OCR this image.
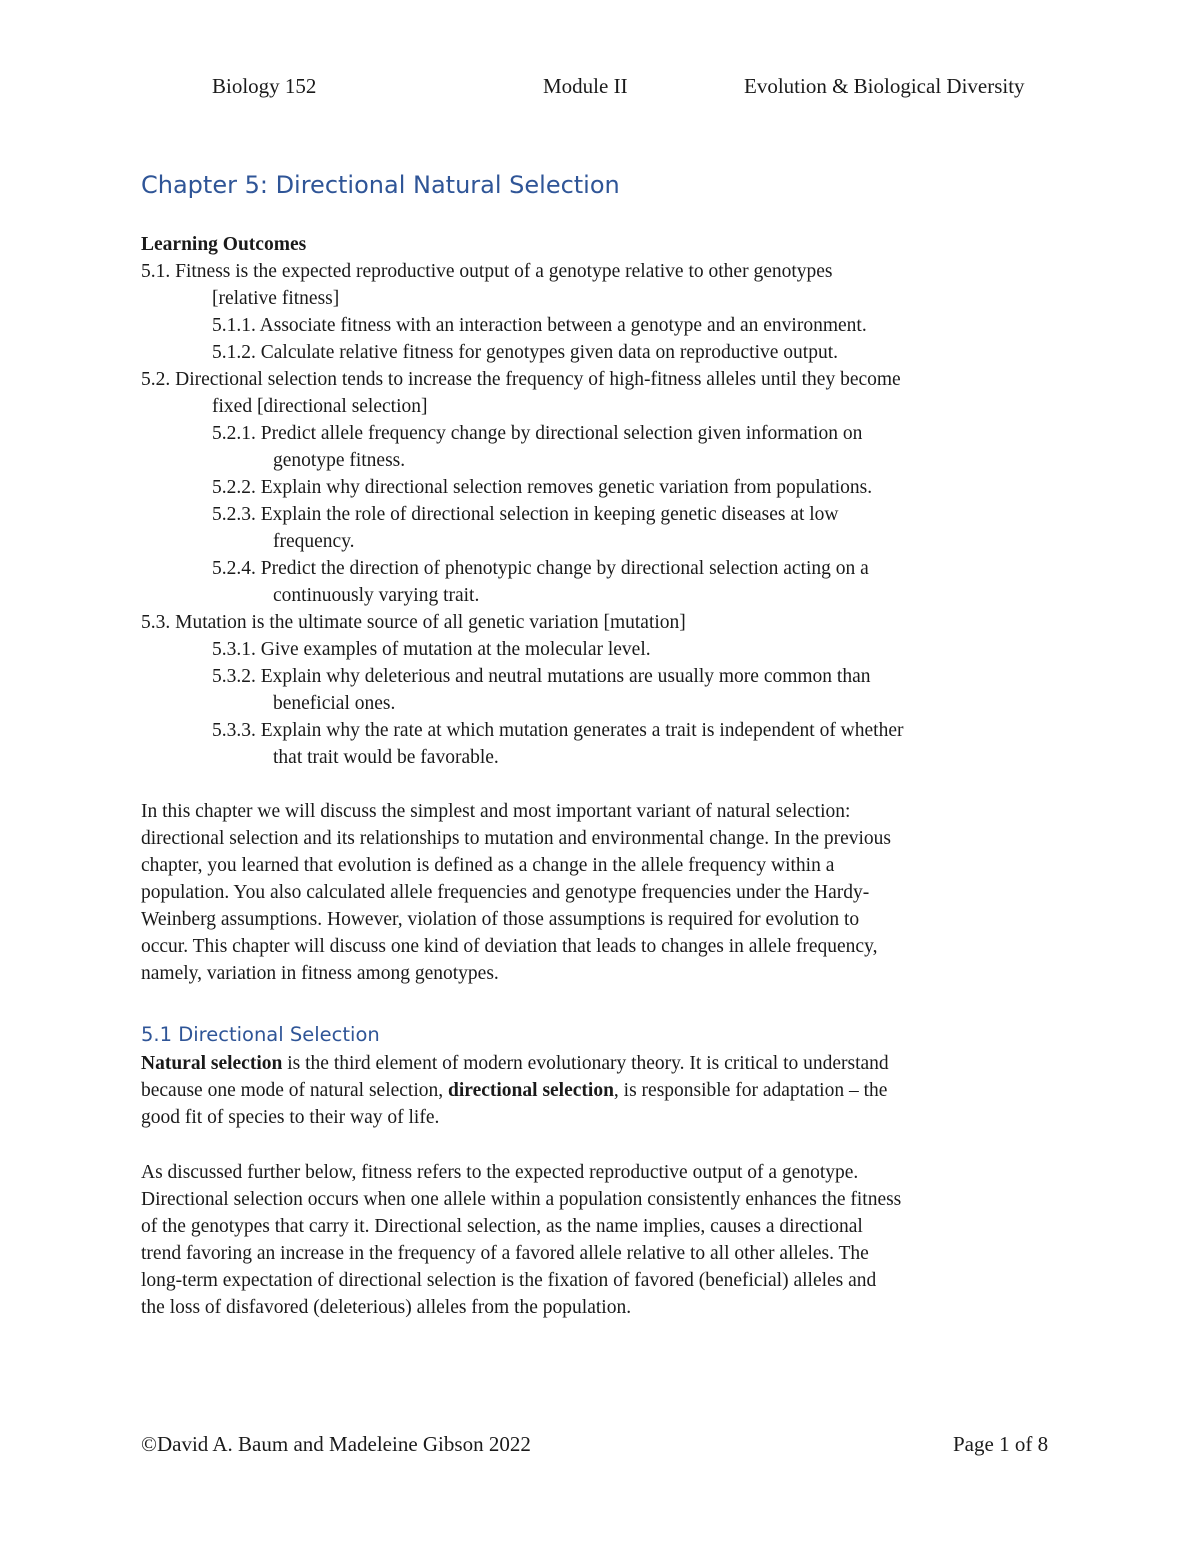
Biology 152	Module II	Evolution & Biological Diversity
Chapter 5: Directional Natural Selection
Learning Outcomes
5.1. Fitness is the expected reproductive output of a genotype relative to other genotypes
[relative fitness]
5.1.1. Associate fitness with an interaction between a genotype and an environment.
5.1.2. Calculate relative fitness for genotypes given data on reproductive output.
5.2. Directional selection tends to increase the frequency of high-fitness alleles until they become
fixed [directional selection]
5.2.1. Predict allele frequency change by directional selection given information on
genotype fitness.
5.2.2. Explain why directional selection removes genetic variation from populations.
5.2.3. Explain the role of directional selection in keeping genetic diseases at low
frequency.
5.2.4. Predict the direction of phenotypic change by directional selection acting on a
continuously varying trait.
5.3. Mutation is the ultimate source of all genetic variation [mutation]
5.3.1. Give examples of mutation at the molecular level.
5.3.2. Explain why deleterious and neutral mutations are usually more common than
beneficial ones.
5.3.3. Explain why the rate at which mutation generates a trait is independent of whether
that trait would be favorable.
In this chapter we will discuss the simplest and most important variant of natural selection:
directional selection and its relationships to mutation and environmental change. In the previous
chapter, you learned that evolution is defined as a change in the allele frequency within a
population. You also calculated allele frequencies and genotype frequencies under the Hardy-
Weinberg assumptions. However, violation of those assumptions is required for evolution to
occur. This chapter will discuss one kind of deviation that leads to changes in allele frequency,
namely, variation in fitness among genotypes.
5.1 Directional Selection
Natural selection is the third element of modern evolutionary theory. It is critical to understand
because one mode of natural selection, directional selection, is responsible for adaptation – the
good fit of species to their way of life.
As discussed further below, fitness refers to the expected reproductive output of a genotype.
Directional selection occurs when one allele within a population consistently enhances the fitness
of the genotypes that carry it. Directional selection, as the name implies, causes a directional
trend favoring an increase in the frequency of a favored allele relative to all other alleles. The
long-term expectation of directional selection is the fixation of favored (beneficial) alleles and
the loss of disfavored (deleterious) alleles from the population.
©David A. Baum and Madeleine Gibson 2022	Page 1 of 8
